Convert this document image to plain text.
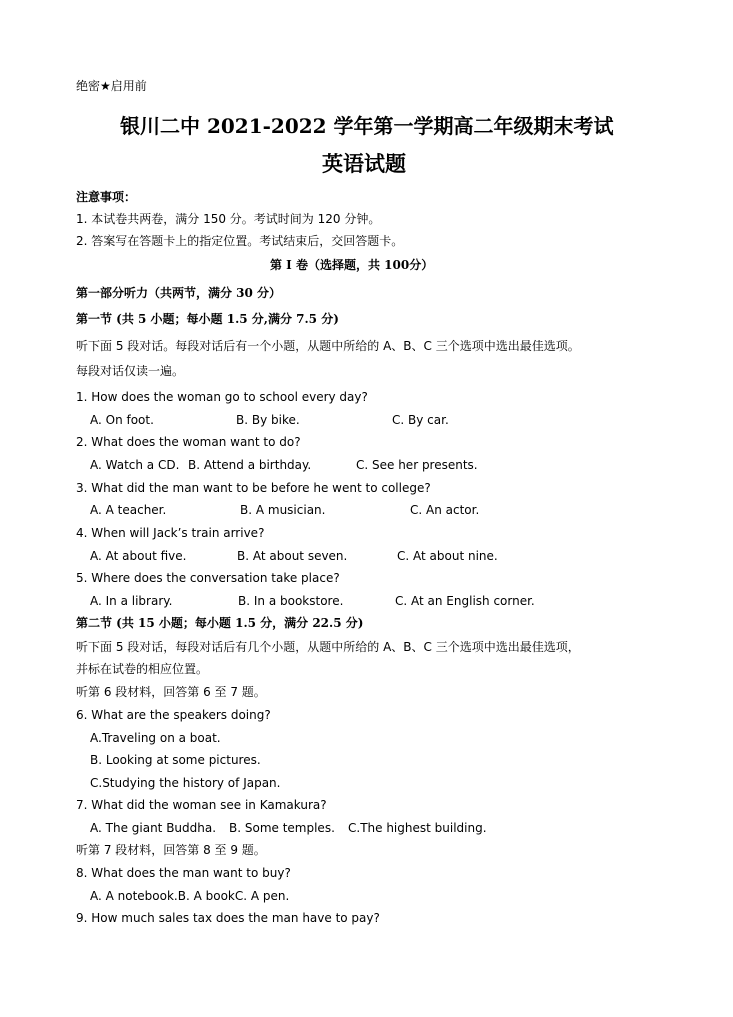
绝密★启用前
银川二中 2021-2022 学年第一学期高二年级期末考试
英语试题
注意事项：
1. 本试卷共两卷，满分 150 分。考试时间为 120 分钟。
2. 答案写在答题卡上的指定位置。考试结束后，交回答题卡。
第 I 卷（选择题，共 100分）
第一部分听力（共两节，满分 30 分）
第一节 (共 5 小题；每小题 1.5 分,满分 7.5 分)
听下面 5 段对话。每段对话后有一个小题，从题中所给的 A、B、C 三个选项中选出最佳选项。
每段对话仅读一遍。
1. How does the woman go to school every day?
A. On foot.	B. By bike.	C. By car.
2. What does the woman want to do?
A. Watch a CD. B. Attend a birthday.	C. See her presents.
3. What did the man want to be before he went to college?
A. A teacher.	B. A musician.	C. An actor.
4. When will Jack’s train arrive?
A. At about five.	B. At about seven.	C. At about nine.
5. Where does the conversation take place?
A. In a library.	B. In a bookstore.	C. At an English corner.
第二节 (共 15 小题；每小题 1.5 分，满分 22.5 分)
听下面 5 段对话，每段对话后有几个小题，从题中所给的 A、B、C 三个选项中选出最佳选项，
并标在试卷的相应位置。
听第 6 段材料，回答第 6 至 7 题。
6. What are the speakers doing?
A.Traveling on a boat.
B. Looking at some pictures.
C.Studying the history of Japan.
7. What did the woman see in Kamakura?
A. The giant Buddha. B. Some temples. C.The highest building.
听第 7 段材料，回答第 8 至 9 题。
8. What does the man want to buy?
A. A notebook.B. A bookC. A pen.
9. How much sales tax does the man have to pay?
